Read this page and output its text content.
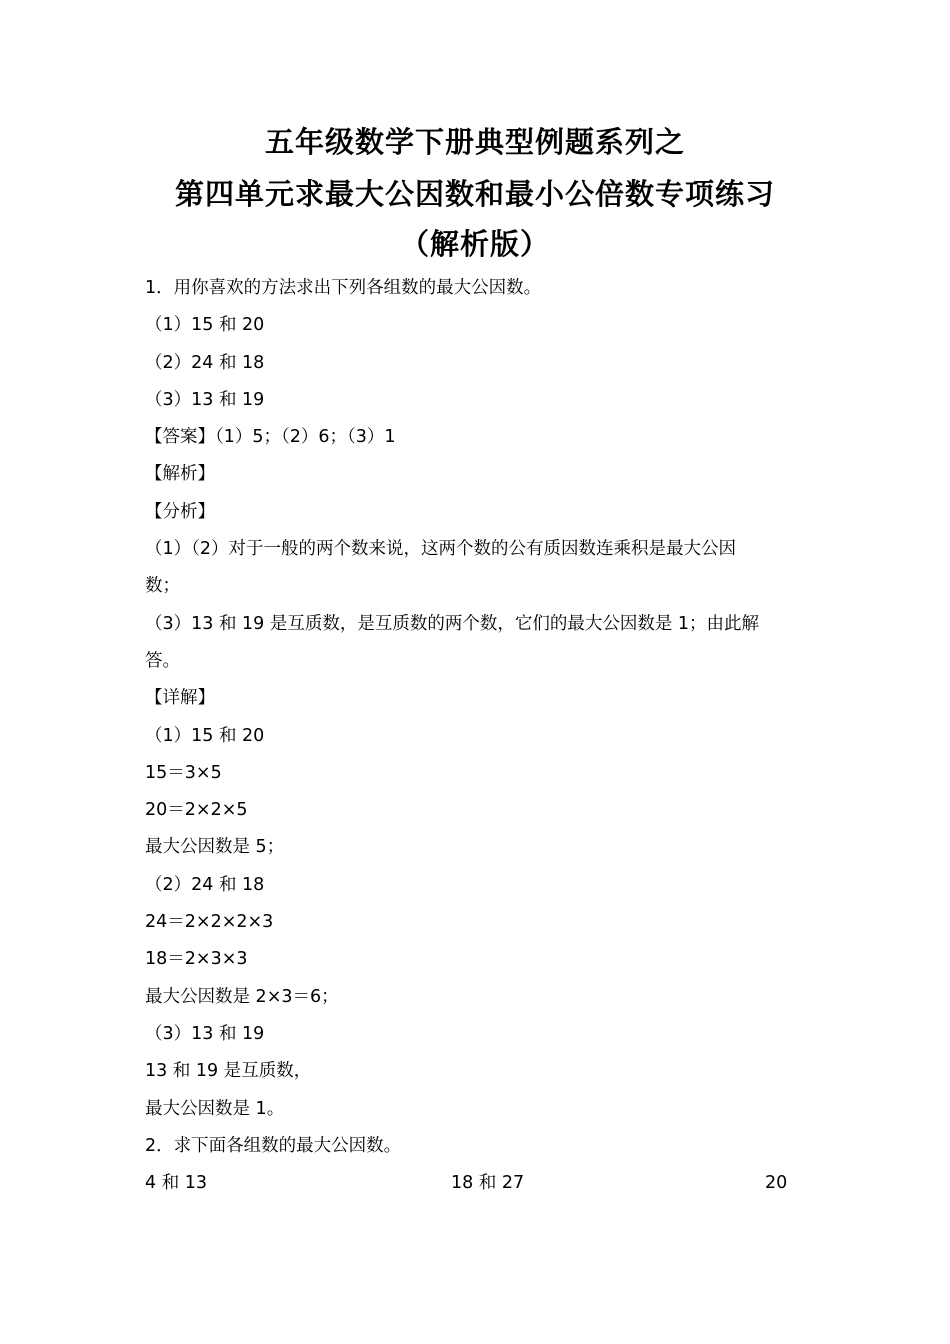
五年级数学下册典型例题系列之
第四单元求最大公因数和最小公倍数专项练习
（解析版）
1．用你喜欢的方法求出下列各组数的最大公因数。
（1）15 和 20
（2）24 和 18
（3）13 和 19
【答案】（1）5；（2）6；（3）1
【解析】
【分析】
（1）（2）对于一般的两个数来说，这两个数的公有质因数连乘积是最大公因
数；
（3）13 和 19 是互质数，是互质数的两个数，它们的最大公因数是 1；由此解
答。
【详解】
（1）15 和 20
15＝3×5
20＝2×2×5
最大公因数是 5；
（2）24 和 18
24＝2×2×2×3
18＝2×3×3
最大公因数是 2×3＝6；
（3）13 和 19
13 和 19 是互质数，
最大公因数是 1。
2．求下面各组数的最大公因数。
4 和 13	18 和 27	20
